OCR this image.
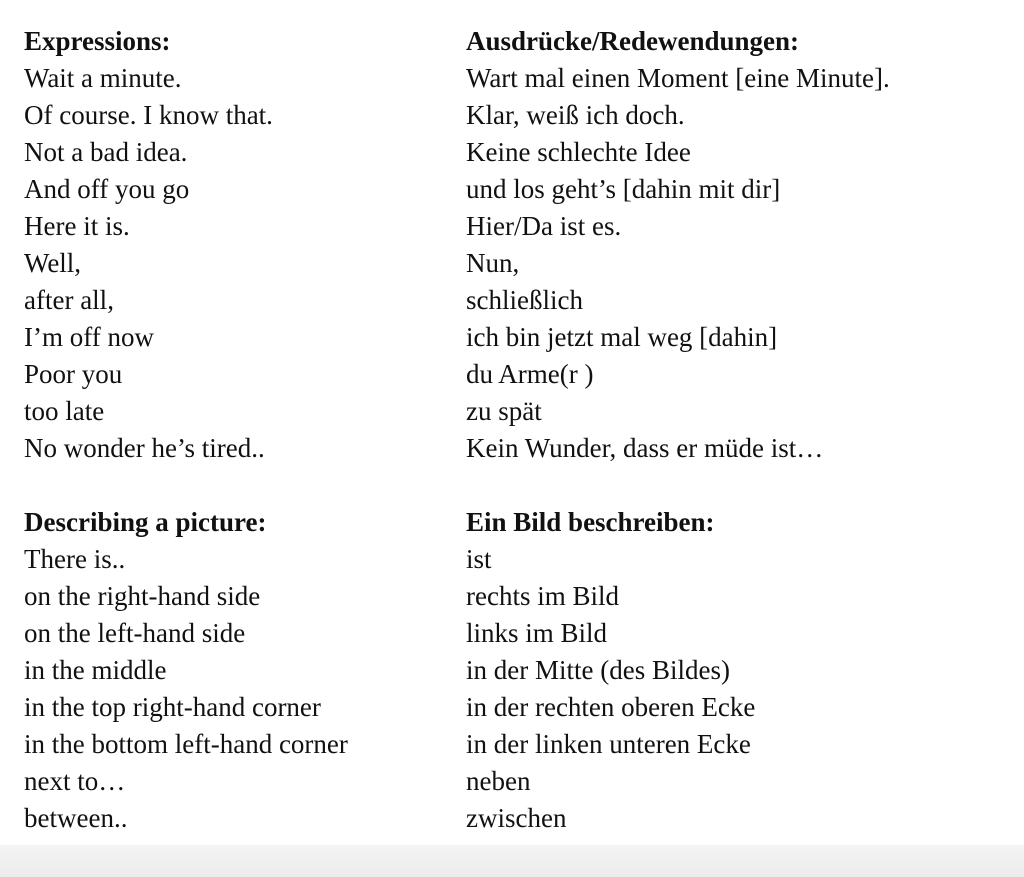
Expressions:
Wait a minute.
Of course. I know that.
Not a bad idea.
And off you go
Here it is.
Well,
after all,
I’m off now
Poor you
too late
No wonder he’s tired..
Describing a picture:
There is..
on the right-hand side
on the left-hand side
in the middle
in the top right-hand corner
in the bottom left-hand corner
next to…
between..
Ausdrücke/Redewendungen:
Wart mal einen Moment [eine Minute].
Klar, weiß ich doch.
Keine schlechte Idee
und los geht’s [dahin mit dir]
Hier/Da ist es.
Nun,
schließlich
ich bin jetzt mal weg [dahin]
du Arme(r )
zu spät
Kein Wunder, dass er müde ist…
Ein Bild beschreiben:
ist
rechts im Bild
links im Bild
in der Mitte (des Bildes)
in der rechten oberen Ecke
in der linken unteren Ecke
neben
zwischen
